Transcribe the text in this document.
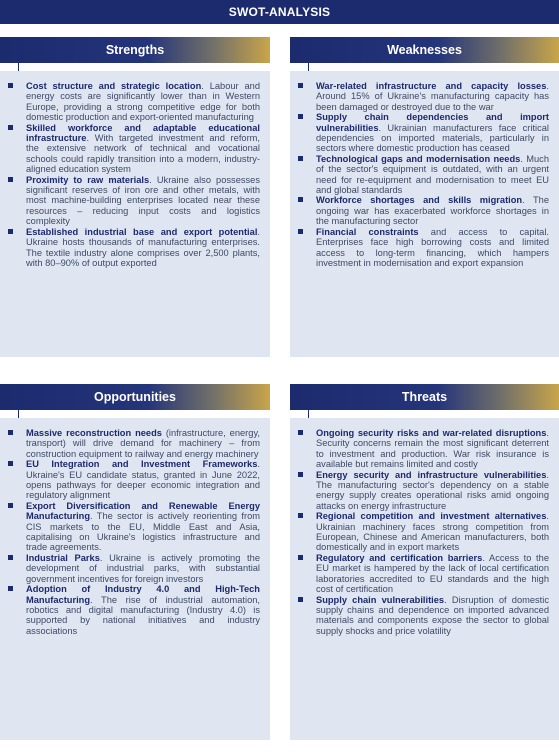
SWOT-ANALYSIS
Strengths
Cost structure and strategic location. Labour and energy costs are significantly lower than in Western Europe, providing a strong competitive edge for both domestic production and export-oriented manufacturing
Skilled workforce and adaptable educational infrastructure. With targeted investment and reform, the extensive network of technical and vocational schools could rapidly transition into a modern, industry-aligned education system
Proximity to raw materials. Ukraine also possesses significant reserves of iron ore and other metals, with most machine-building enterprises located near these resources – reducing input costs and logistics complexity
Established industrial base and export potential. Ukraine hosts thousands of manufacturing enterprises. The textile industry alone comprises over 2,500 plants, with 80–90% of output exported
Weaknesses
War-related infrastructure and capacity losses. Around 15% of Ukraine's manufacturing capacity has been damaged or destroyed due to the war
Supply chain dependencies and import vulnerabilities. Ukrainian manufacturers face critical dependencies on imported materials, particularly in sectors where domestic production has ceased
Technological gaps and modernisation needs. Much of the sector's equipment is outdated, with an urgent need for re-equipment and modernisation to meet EU and global standards
Workforce shortages and skills migration. The ongoing war has exacerbated workforce shortages in the manufacturing sector
Financial constraints and access to capital. Enterprises face high borrowing costs and limited access to long-term financing, which hampers investment in modernisation and export expansion
Opportunities
Massive reconstruction needs (infrastructure, energy, transport) will drive demand for machinery – from construction equipment to railway and energy machinery
EU Integration and Investment Frameworks. Ukraine's EU candidate status, granted in June 2022, opens pathways for deeper economic integration and regulatory alignment
Export Diversification and Renewable Energy Manufacturing. The sector is actively reorienting from CIS markets to the EU, Middle East and Asia, capitalising on Ukraine's logistics infrastructure and trade agreements.
Industrial Parks. Ukraine is actively promoting the development of industrial parks, with substantial government incentives for foreign investors
Adoption of Industry 4.0 and High-Tech Manufacturing. The rise of industrial automation, robotics and digital manufacturing (Industry 4.0) is supported by national initiatives and industry associations
Threats
Ongoing security risks and war-related disruptions. Security concerns remain the most significant deterrent to investment and production. War risk insurance is available but remains limited and costly
Energy security and infrastructure vulnerabilities. The manufacturing sector's dependency on a stable energy supply creates operational risks amid ongoing attacks on energy infrastructure
Regional competition and investment alternatives. Ukrainian machinery faces strong competition from European, Chinese and American manufacturers, both domestically and in export markets
Regulatory and certification barriers. Access to the EU market is hampered by the lack of local certification laboratories accredited to EU standards and the high cost of certification
Supply chain vulnerabilities. Disruption of domestic supply chains and dependence on imported advanced materials and components expose the sector to global supply shocks and price volatility
